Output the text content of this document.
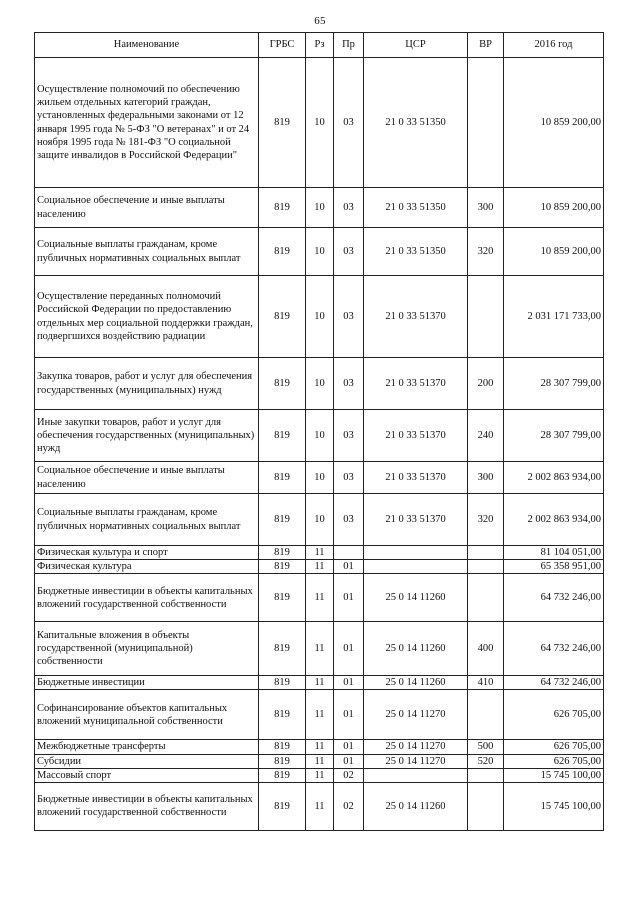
65
Наименование	ГРБС	Рз	Пр	ЦСР	ВР	2016 год
Осуществление полномочий по обеспечению жильем отдельных категорий граждан, установленных федеральными законами от 12 января 1995 года № 5-ФЗ "О ветеранах" и от 24 ноября 1995 года № 181-ФЗ "О социальной защите инвалидов в Российской Федерации"	819	10	03	21 0 33 51350		10 859 200,00
Социальное обеспечение и иные выплаты населению	819	10	03	21 0 33 51350	300	10 859 200,00
Социальные выплаты гражданам, кроме публичных нормативных социальных выплат	819	10	03	21 0 33 51350	320	10 859 200,00
Осуществление переданных полномочий Российской Федерации по предоставлению отдельных мер социальной поддержки граждан, подвергшихся воздействию радиации	819	10	03	21 0 33 51370		2 031 171 733,00
Закупка товаров, работ и услуг для обеспечения государственных (муниципальных) нужд	819	10	03	21 0 33 51370	200	28 307 799,00
Иные закупки товаров, работ и услуг для обеспечения государственных (муниципальных) нужд	819	10	03	21 0 33 51370	240	28 307 799,00
Социальное обеспечение и иные выплаты населению	819	10	03	21 0 33 51370	300	2 002 863 934,00
Социальные выплаты гражданам, кроме публичных нормативных социальных выплат	819	10	03	21 0 33 51370	320	2 002 863 934,00
Физическая культура и спорт	819	11				81 104 051,00
Физическая культура	819	11	01			65 358 951,00
Бюджетные инвестиции в объекты капитальных вложений государственной собственности	819	11	01	25 0 14 11260		64 732 246,00
Капитальные вложения в объекты государственной (муниципальной) собственности	819	11	01	25 0 14 11260	400	64 732 246,00
Бюджетные инвестиции	819	11	01	25 0 14 11260	410	64 732 246,00
Софинансирование объектов капитальных вложений муниципальной собственности	819	11	01	25 0 14 11270		626 705,00
Межбюджетные трансферты	819	11	01	25 0 14 11270	500	626 705,00
Субсидии	819	11	01	25 0 14 11270	520	626 705,00
Массовый спорт	819	11	02			15 745 100,00
Бюджетные инвестиции в объекты капитальных вложений государственной собственности	819	11	02	25 0 14 11260		15 745 100,00
